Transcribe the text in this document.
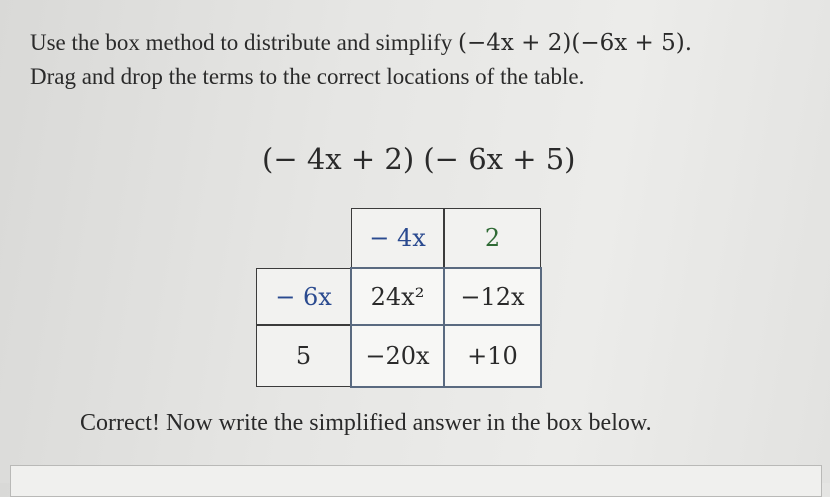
Use the box method to distribute and simplify (−4x + 2)(−6x + 5).
Drag and drop the terms to the correct locations of the table.
(− 4x + 2) (− 6x + 5)
− 4x	2
− 6x
5
24x² −12x
−20x +10
Correct! Now write the simplified answer in the box below.
